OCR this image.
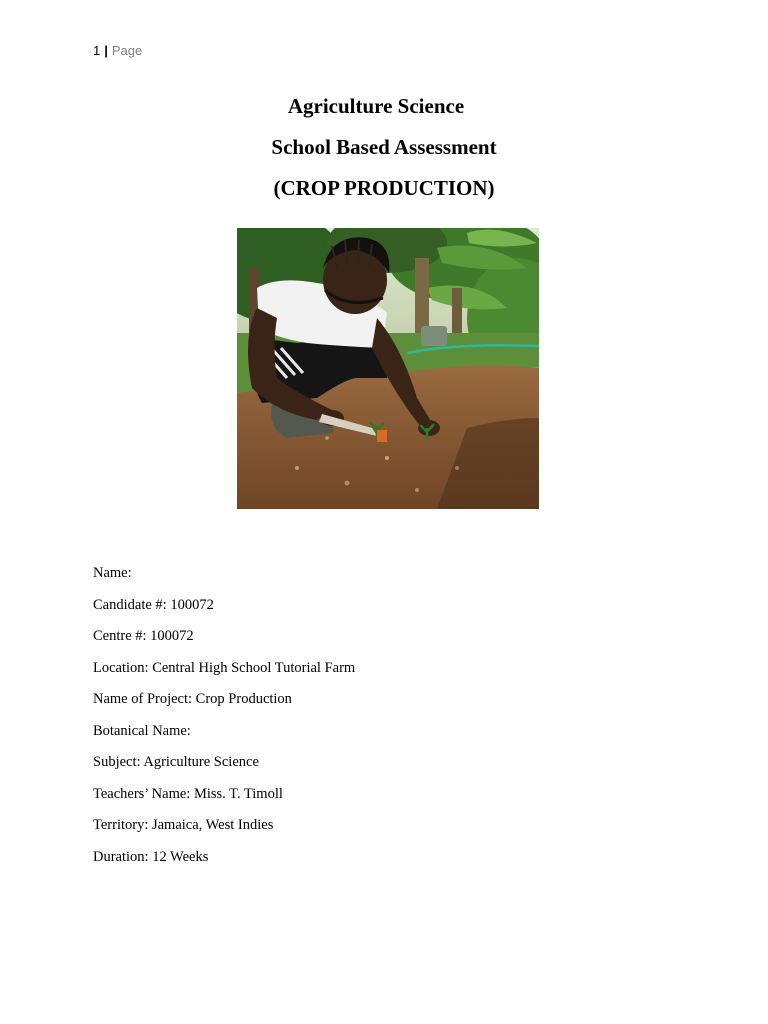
1 | Page
Agriculture Science
School Based Assessment
(CROP PRODUCTION)
Name:
Candidate #: 100072
Centre #: 100072
Location: Central High School Tutorial Farm
Name of Project: Crop Production
Botanical Name:
Subject: Agriculture Science
Teachers’ Name: Miss. T. Timoll
Territory: Jamaica, West Indies
Duration: 12 Weeks
